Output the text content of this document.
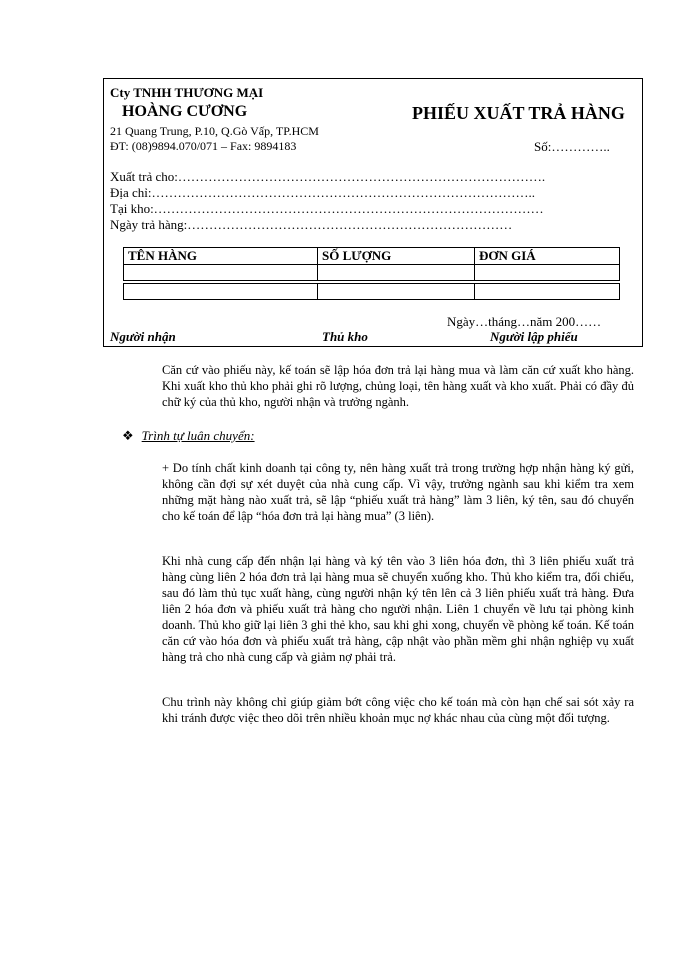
Cty TNHH THƯƠNG MẠI
HOÀNG CƯƠNG
21 Quang Trung, P.10, Q.Gò Vấp, TP.HCM
ĐT: (08)9894.070/071 – Fax: 9894183
PHIẾU XUẤT TRẢ HÀNG
Số:…………..
Xuất trả cho:………………………………………………………………………….
Địa chỉ:……………………………………………………………………………..
Tại kho:………………………………………………………………………………
Ngày trả hàng:…………………………………………………………………
TÊN HÀNG	SỐ LƯỢNG	ĐƠN GIÁ

Ngày…tháng…năm 200……
Người nhận	Thủ kho	Người lập phiếu

Căn cứ vào phiếu này, kế toán sẽ lập hóa đơn trả lại hàng mua và làm căn cứ xuất kho hàng. Khi xuất kho thủ kho phải ghi rõ lượng, chủng loại, tên hàng xuất và kho xuất. Phải có đầy đủ chữ ký của thủ kho, người nhận và trưởng ngành.

❖ Trình tự luân chuyển:

+ Do tính chất kinh doanh tại công ty, nên hàng xuất trả trong trường hợp nhận hàng ký gửi, không cần đợi sự xét duyệt của nhà cung cấp. Vì vậy, trưởng ngành sau khi kiểm tra xem những mặt hàng nào xuất trả, sẽ lập “phiếu xuất trả hàng” làm 3 liên, ký tên, sau đó chuyển cho kế toán để lập “hóa đơn trả lại hàng mua” (3 liên).

Khi nhà cung cấp đến nhận lại hàng và ký tên vào 3 liên hóa đơn, thì 3 liên phiếu xuất trả hàng cùng liên 2 hóa đơn trả lại hàng mua sẽ chuyển xuống kho. Thủ kho kiểm tra, đối chiếu, sau đó làm thủ tục xuất hàng, cùng người nhận ký tên lên cả 3 liên phiếu xuất trả hàng. Đưa liên 2 hóa đơn và phiếu xuất trả hàng cho người nhận. Liên 1 chuyển về lưu tại phòng kinh doanh. Thủ kho giữ lại liên 3 ghi thẻ kho, sau khi ghi xong, chuyển về phòng kế toán. Kế toán căn cứ vào hóa đơn và phiếu xuất trả hàng, cập nhật vào phần mềm ghi nhận nghiệp vụ xuất hàng trả cho nhà cung cấp và giảm nợ phải trả.

Chu trình này không chỉ giúp giảm bớt công việc cho kế toán mà còn hạn chế sai sót xảy ra khi tránh được việc theo dõi trên nhiều khoản mục nợ khác nhau của cùng một đối tượng.
